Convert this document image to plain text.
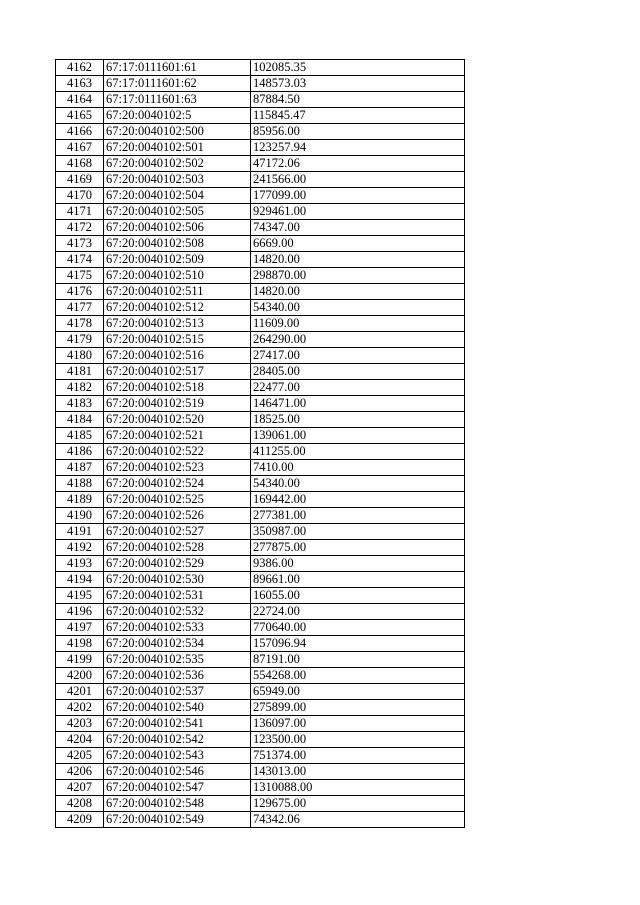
4162	67:17:0111601:61	102085.35
4163	67:17:0111601:62	148573.03
4164	67:17:0111601:63	87884.50
4165	67:20:0040102:5	115845.47
4166	67:20:0040102:500	85956.00
4167	67:20:0040102:501	123257.94
4168	67:20:0040102:502	47172.06
4169	67:20:0040102:503	241566.00
4170	67:20:0040102:504	177099.00
4171	67:20:0040102:505	929461.00
4172	67:20:0040102:506	74347.00
4173	67:20:0040102:508	6669.00
4174	67:20:0040102:509	14820.00
4175	67:20:0040102:510	298870.00
4176	67:20:0040102:511	14820.00
4177	67:20:0040102:512	54340.00
4178	67:20:0040102:513	11609.00
4179	67:20:0040102:515	264290.00
4180	67:20:0040102:516	27417.00
4181	67:20:0040102:517	28405.00
4182	67:20:0040102:518	22477.00
4183	67:20:0040102:519	146471.00
4184	67:20:0040102:520	18525.00
4185	67:20:0040102:521	139061.00
4186	67:20:0040102:522	411255.00
4187	67:20:0040102:523	7410.00
4188	67:20:0040102:524	54340.00
4189	67:20:0040102:525	169442.00
4190	67:20:0040102:526	277381.00
4191	67:20:0040102:527	350987.00
4192	67:20:0040102:528	277875.00
4193	67:20:0040102:529	9386.00
4194	67:20:0040102:530	89661.00
4195	67:20:0040102:531	16055.00
4196	67:20:0040102:532	22724.00
4197	67:20:0040102:533	770640.00
4198	67:20:0040102:534	157096.94
4199	67:20:0040102:535	87191.00
4200	67:20:0040102:536	554268.00
4201	67:20:0040102:537	65949.00
4202	67:20:0040102:540	275899.00
4203	67:20:0040102:541	136097.00
4204	67:20:0040102:542	123500.00
4205	67:20:0040102:543	751374.00
4206	67:20:0040102:546	143013.00
4207	67:20:0040102:547	1310088.00
4208	67:20:0040102:548	129675.00
4209	67:20:0040102:549	74342.06
